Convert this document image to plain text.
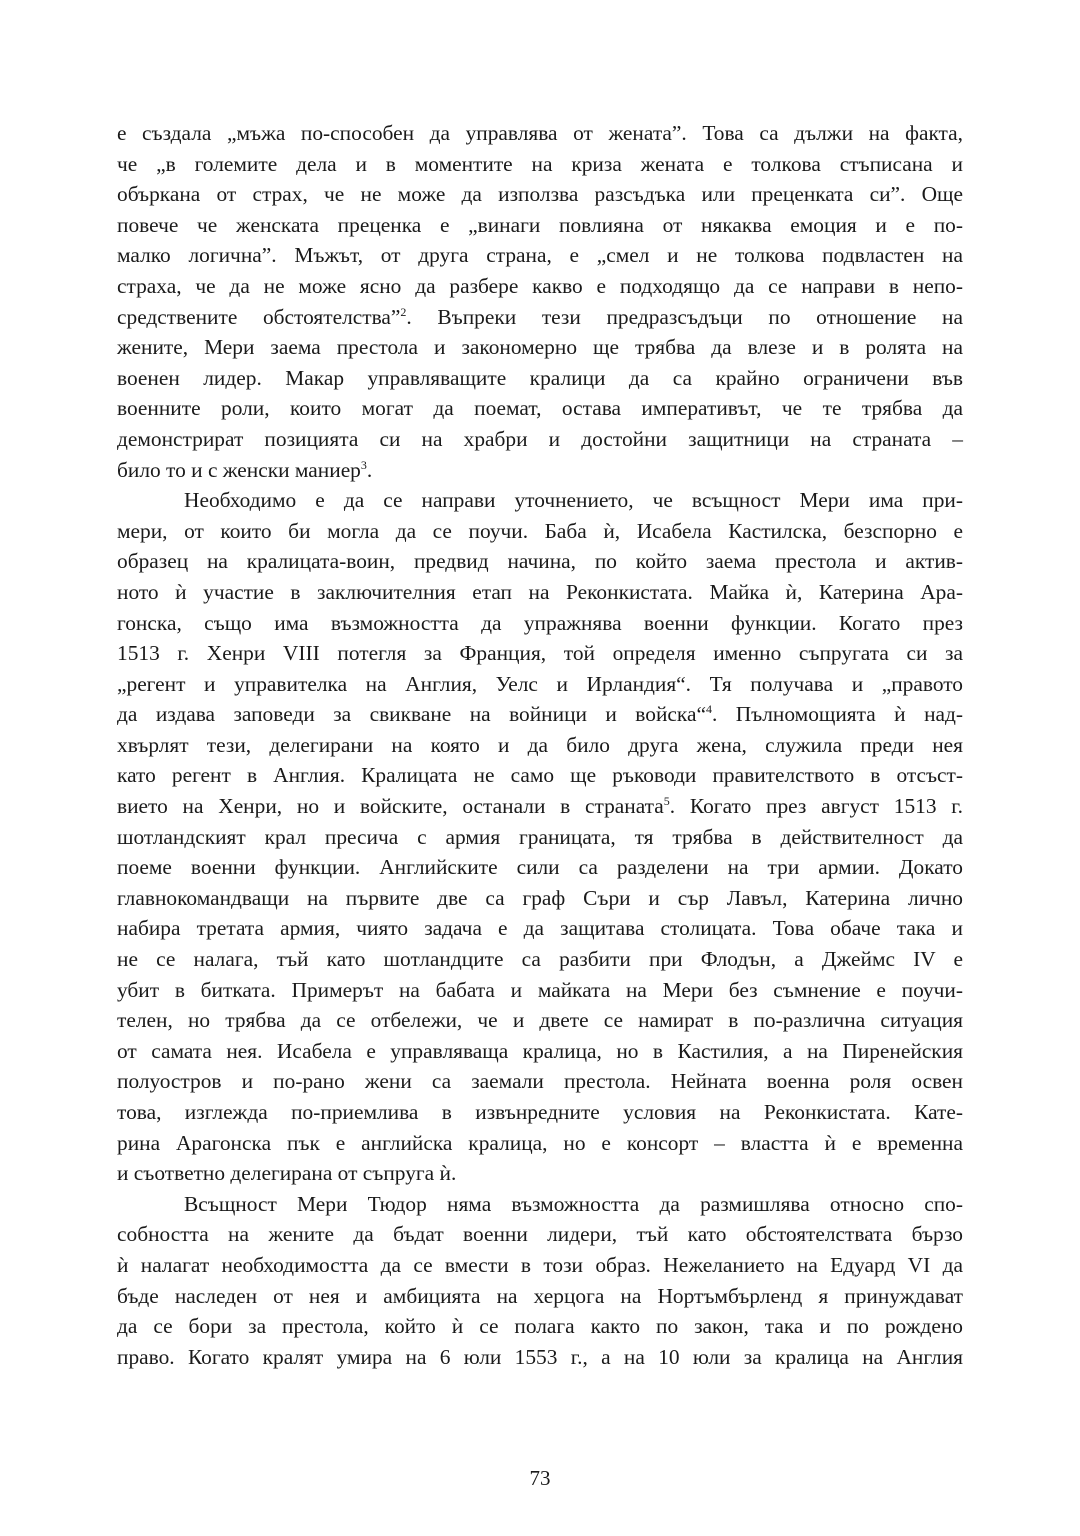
е създала „мъжа по-способен да управлява от жената”. Това са дължи на факта,
че „в големите дела и в моментите на криза жената е толкова стъписана и
объркана от страх, че не може да използва разсъдъка или преценката си”. Още
повече че женската преценка е „винаги повлияна от някаква емоция и е по-
малко логична”. Мъжът, от друга страна, е „смел и не толкова подвластен на
страха, че да не може ясно да разбере какво е подходящо да се направи в непо-
средствените обстоятелства”$^2$. Въпреки тези предразсъдъци по отношение на
жените, Мери заема престола и закономерно ще трябва да влезе и в ролята на
военен лидер. Макар управляващите кралици да са крайно ограничени във
военните роли, които могат да поемат, остава императивът, че те трябва да
демонстрират позицията си на храбри и достойни защитници на страната –
било то и с женски маниер$^3$.
Необходимо е да се направи уточнението, че всъщност Мери има при-
мери, от които би могла да се поучи. Баба ѝ, Исабела Кастилска, безспорно е
образец на кралицата-воин, предвид начина, по който заема престола и актив-
ното ѝ участие в заключителния етап на Реконкистата. Майка ѝ, Катерина Ара-
гонска, също има възможността да упражнява военни функции. Когато през
1513 г. Хенри VIII потегля за Франция, той определя именно съпругата си за
„регент и управителка на Англия, Уелс и Ирландия“. Тя получава и „правото
да издава заповеди за свикване на войници и войска“$^4$. Пълномощията ѝ над-
хвърлят тези, делегирани на която и да било друга жена, служила преди нея
като регент в Англия. Кралицата не само ще ръководи правителството в отсъст-
вието на Хенри, но и войските, останали в страната$^5$. Когато през август 1513 г.
шотландският крал пресича с армия границата, тя трябва в действителност да
поеме военни функции. Английските сили са разделени на три армии. Докато
главнокомандващи на първите две са граф Съри и сър Лавъл, Катерина лично
набира третата армия, чиято задача е да защитава столицата. Това обаче така и
не се налага, тъй като шотландците са разбити при Флодън, а Джеймс IV е
убит в битката. Примерът на бабата и майката на Мери без съмнение е поучи-
телен, но трябва да се отбележи, че и двете се намират в по-различна ситуация
от самата нея. Исабела е управляваща кралица, но в Кастилия, а на Пиренейския
полуостров и по-рано жени са заемали престола. Нейната военна роля освен
това, изглежда по-приемлива в извънредните условия на Реконкистата. Кате-
рина Арагонска пък е английска кралица, но е консорт – властта ѝ е временна
и съответно делегирана от съпруга ѝ.
Всъщност Мери Тюдор няма възможността да размишлява относно спо-
собността на жените да бъдат военни лидери, тъй като обстоятелствата бързо
ѝ налагат необходимостта да се вмести в този образ. Нежеланието на Едуард VI да
бъде наследен от нея и амбицията на херцога на Нортъмбърленд я принуждават
да се бори за престола, който ѝ се полага както по закон, така и по рождено
право. Когато кралят умира на 6 юли 1553 г., а на 10 юли за кралица на Англия
73
